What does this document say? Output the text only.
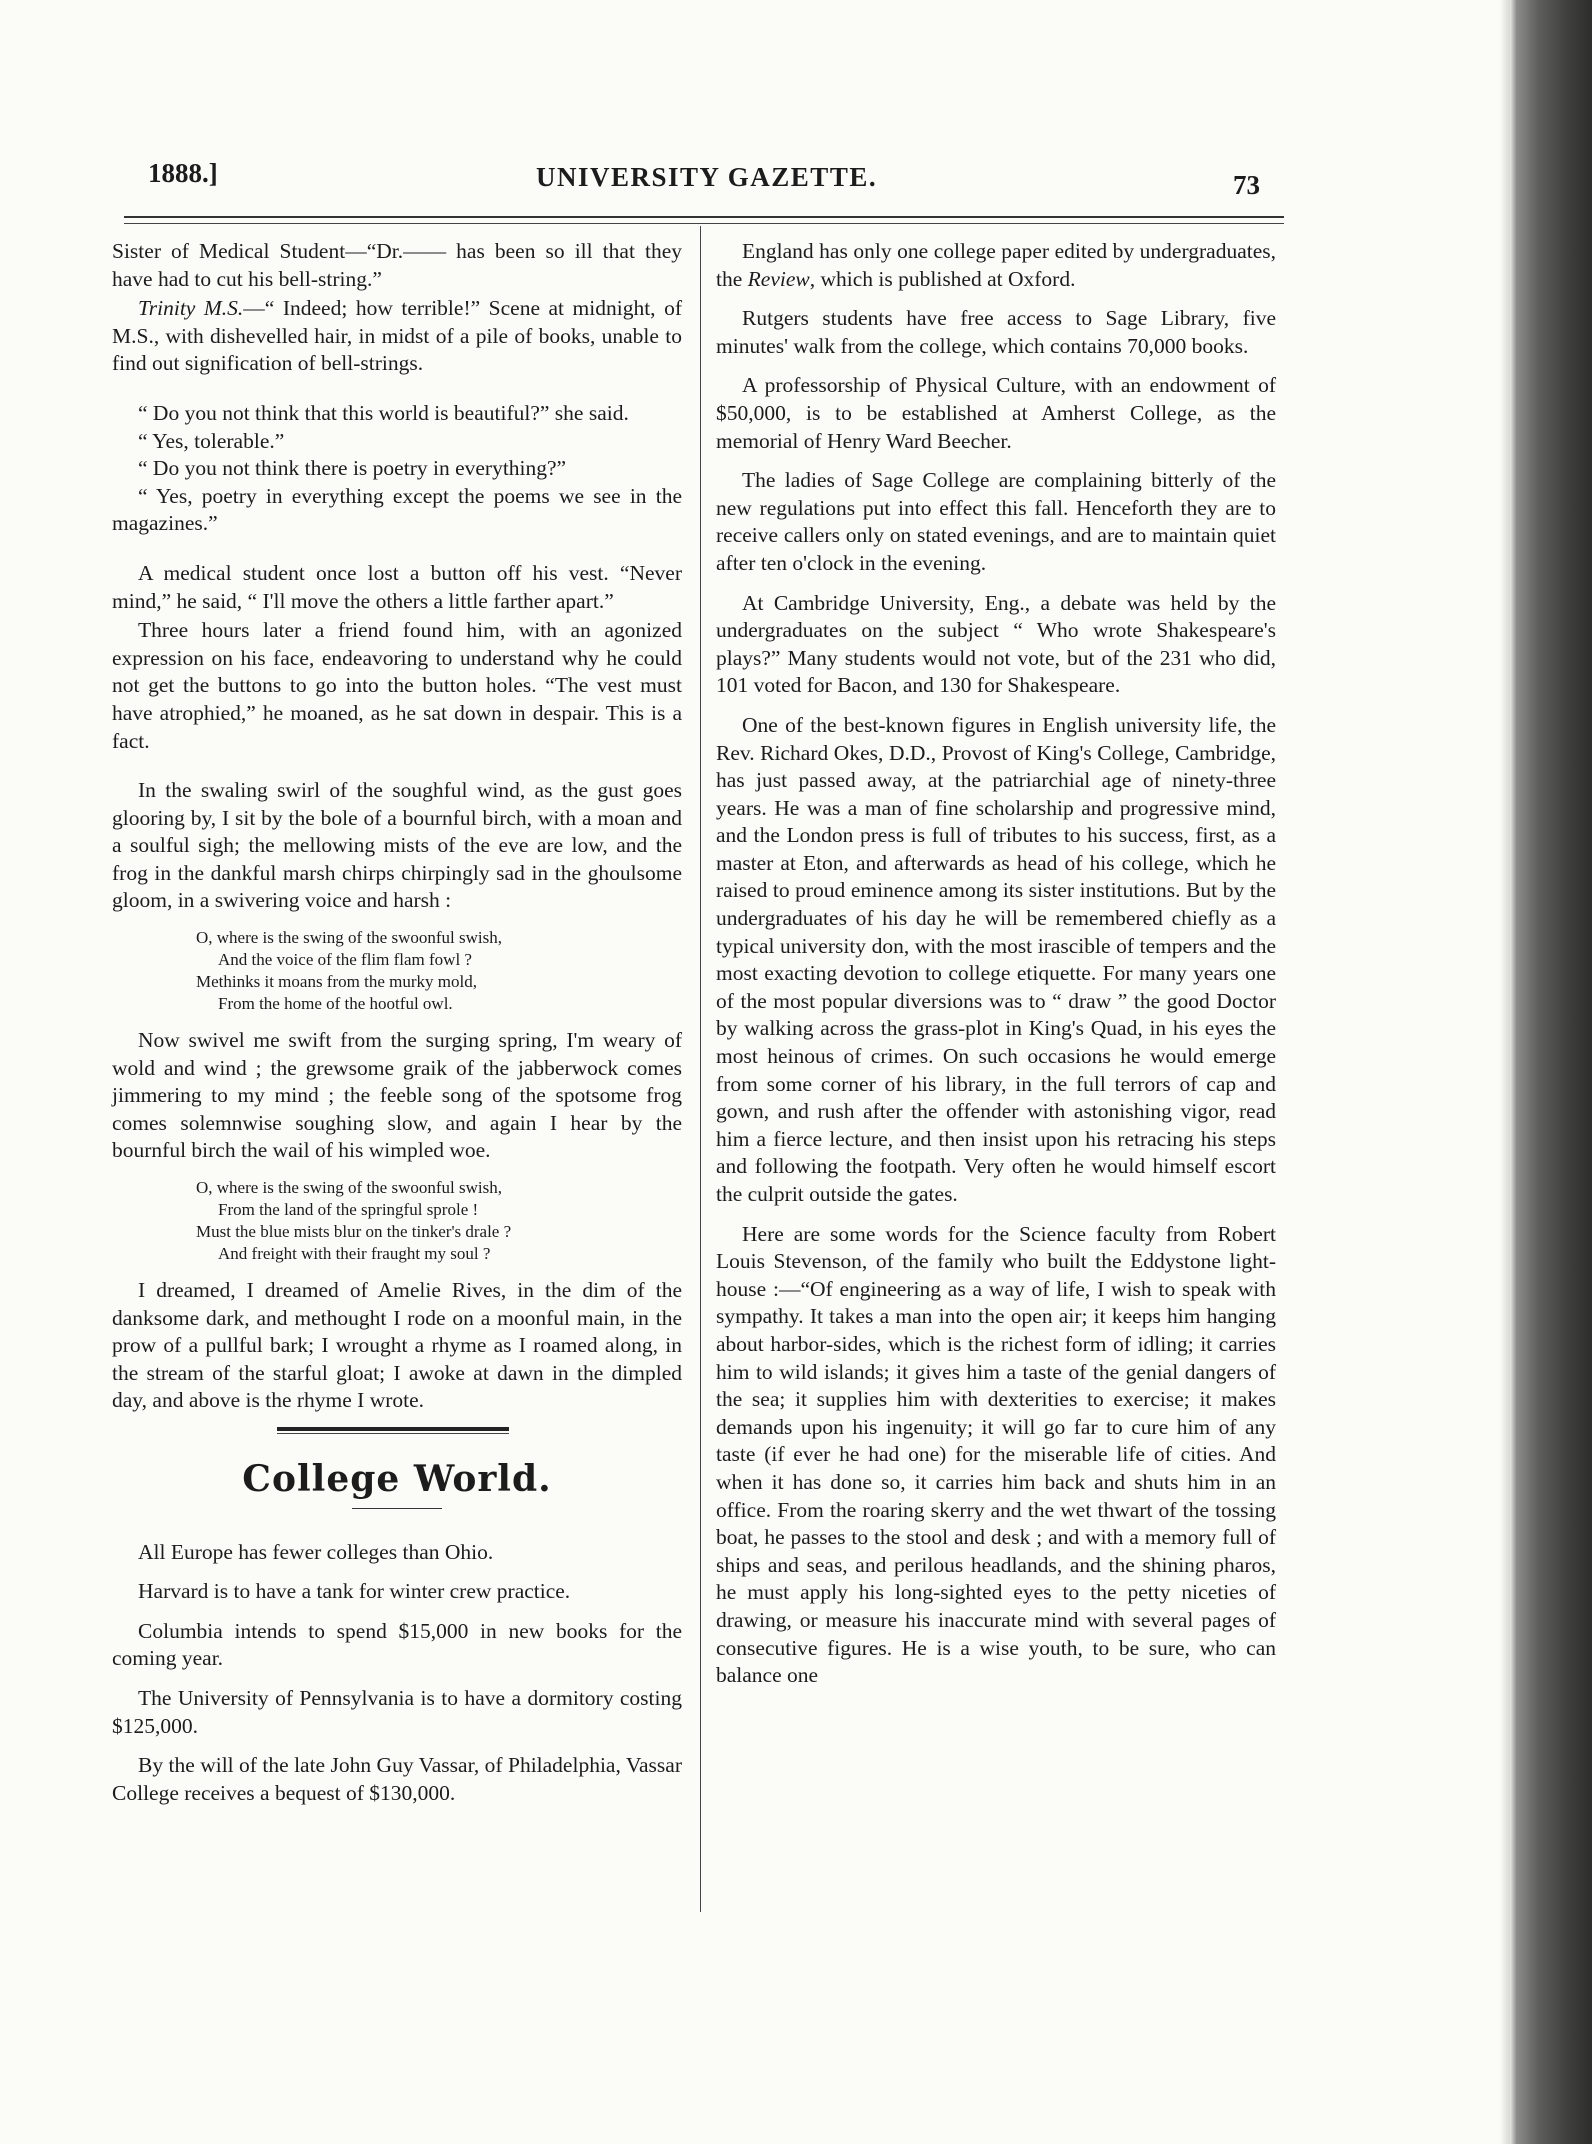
1888.]	UNIVERSITY GAZETTE.	73

Sister of Medical Student—“Dr.—— has been so ill that they have had to cut his bell-string.”

Trinity M.S.—“ Indeed; how terrible!” Scene at midnight, of M.S., with dishevelled hair, in midst of a pile of books, unable to find out signification of bell-strings.

“ Do you not think that this world is beautiful?” she said.

“ Yes, tolerable.”

“ Do you not think there is poetry in everything?”

“ Yes, poetry in everything except the poems we see in the magazines.”

A medical student once lost a button off his vest. “Never mind,” he said, “ I'll move the others a little farther apart.”

Three hours later a friend found him, with an agonized expression on his face, endeavoring to understand why he could not get the buttons to go into the button holes. “The vest must have atrophied,” he moaned, as he sat down in despair. This is a fact.

In the swaling swirl of the soughful wind, as the gust goes glooring by, I sit by the bole of a bournful birch, with a moan and a soulful sigh; the mellowing mists of the eve are low, and the frog in the dankful marsh chirps chirpingly sad in the ghoulsome gloom, in a swivering voice and harsh :

O, where is the swing of the swoonful swish,
And the voice of the flim flam fowl ?
Methinks it moans from the murky mold,
From the home of the hootful owl.

Now swivel me swift from the surging spring, I'm weary of wold and wind ; the grewsome graik of the jabberwock comes jimmering to my mind ; the feeble song of the spotsome frog comes solemnwise soughing slow, and again I hear by the bournful birch the wail of his wimpled woe.

O, where is the swing of the swoonful swish,
From the land of the springful sprole !
Must the blue mists blur on the tinker's drale ?
And freight with their fraught my soul ?

I dreamed, I dreamed of Amelie Rives, in the dim of the danksome dark, and methought I rode on a moonful main, in the prow of a pullful bark; I wrought a rhyme as I roamed along, in the stream of the starful gloat; I awoke at dawn in the dimpled day, and above is the rhyme I wrote.

College World.

All Europe has fewer colleges than Ohio.

Harvard is to have a tank for winter crew practice.

Columbia intends to spend $15,000 in new books for the coming year.

The University of Pennsylvania is to have a dormitory costing $125,000.

By the will of the late John Guy Vassar, of Philadelphia, Vassar College receives a bequest of $130,000.

England has only one college paper edited by undergraduates, the Review, which is published at Oxford.

Rutgers students have free access to Sage Library, five minutes' walk from the college, which contains 70,000 books.

A professorship of Physical Culture, with an endowment of $50,000, is to be established at Amherst College, as the memorial of Henry Ward Beecher.

The ladies of Sage College are complaining bitterly of the new regulations put into effect this fall. Henceforth they are to receive callers only on stated evenings, and are to maintain quiet after ten o'clock in the evening.

At Cambridge University, Eng., a debate was held by the undergraduates on the subject “ Who wrote Shakespeare's plays?” Many students would not vote, but of the 231 who did, 101 voted for Bacon, and 130 for Shakespeare.

One of the best-known figures in English university life, the Rev. Richard Okes, D.D., Provost of King's College, Cambridge, has just passed away, at the patriarchial age of ninety-three years. He was a man of fine scholarship and progressive mind, and the London press is full of tributes to his success, first, as a master at Eton, and afterwards as head of his college, which he raised to proud eminence among its sister institutions. But by the undergraduates of his day he will be remembered chiefly as a typical university don, with the most irascible of tempers and the most exacting devotion to college etiquette. For many years one of the most popular diversions was to “ draw ” the good Doctor by walking across the grass-plot in King's Quad, in his eyes the most heinous of crimes. On such occasions he would emerge from some corner of his library, in the full terrors of cap and gown, and rush after the offender with astonishing vigor, read him a fierce lecture, and then insist upon his retracing his steps and following the footpath. Very often he would himself escort the culprit outside the gates.

Here are some words for the Science faculty from Robert Louis Stevenson, of the family who built the Eddystone light-house :—“Of engineering as a way of life, I wish to speak with sympathy. It takes a man into the open air; it keeps him hanging about harbor-sides, which is the richest form of idling; it carries him to wild islands; it gives him a taste of the genial dangers of the sea; it supplies him with dexterities to exercise; it makes demands upon his ingenuity; it will go far to cure him of any taste (if ever he had one) for the miserable life of cities. And when it has done so, it carries him back and shuts him in an office. From the roaring skerry and the wet thwart of the tossing boat, he passes to the stool and desk ; and with a memory full of ships and seas, and perilous headlands, and the shining pharos, he must apply his long-sighted eyes to the petty niceties of drawing, or measure his inaccurate mind with several pages of consecutive figures. He is a wise youth, to be sure, who can balance one
